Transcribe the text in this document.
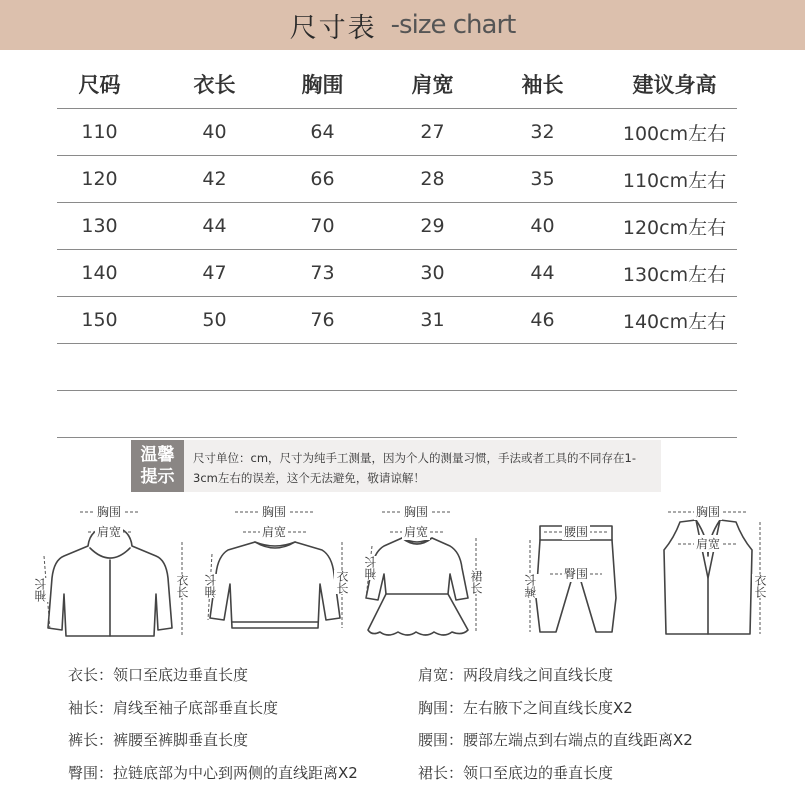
尺寸表 -size chart
尺码	衣长	胸围	肩宽	袖长	建议身高
110	40	64	27	32	100cm左右
120	42	66	28	35	110cm左右
130	44	70	29	40	120cm左右
140	47	73	30	44	130cm左右
150	50	76	31	46	140cm左右
温馨
提示
尺寸单位：cm，尺寸为纯手工测量，因为个人的测量习惯，手法或者工具的不同存在1-3cm左右的误差，这个无法避免，敬请谅解！
胸围
肩宽
袖长	衣长
胸围
肩宽
袖长	衣长
胸围
肩宽
袖长
裙长
腰围
臀围
裤长
胸围
肩宽
衣长
衣长：领口至底边垂直长度	肩宽：两段肩线之间直线长度
袖长：肩线至袖子底部垂直长度	胸围：左右腋下之间直线长度X2
裤长：裤腰至裤脚垂直长度	腰围：腰部左端点到右端点的直线距离X2
臀围：拉链底部为中心到两侧的直线距离X2	裙长：领口至底边的垂直长度
